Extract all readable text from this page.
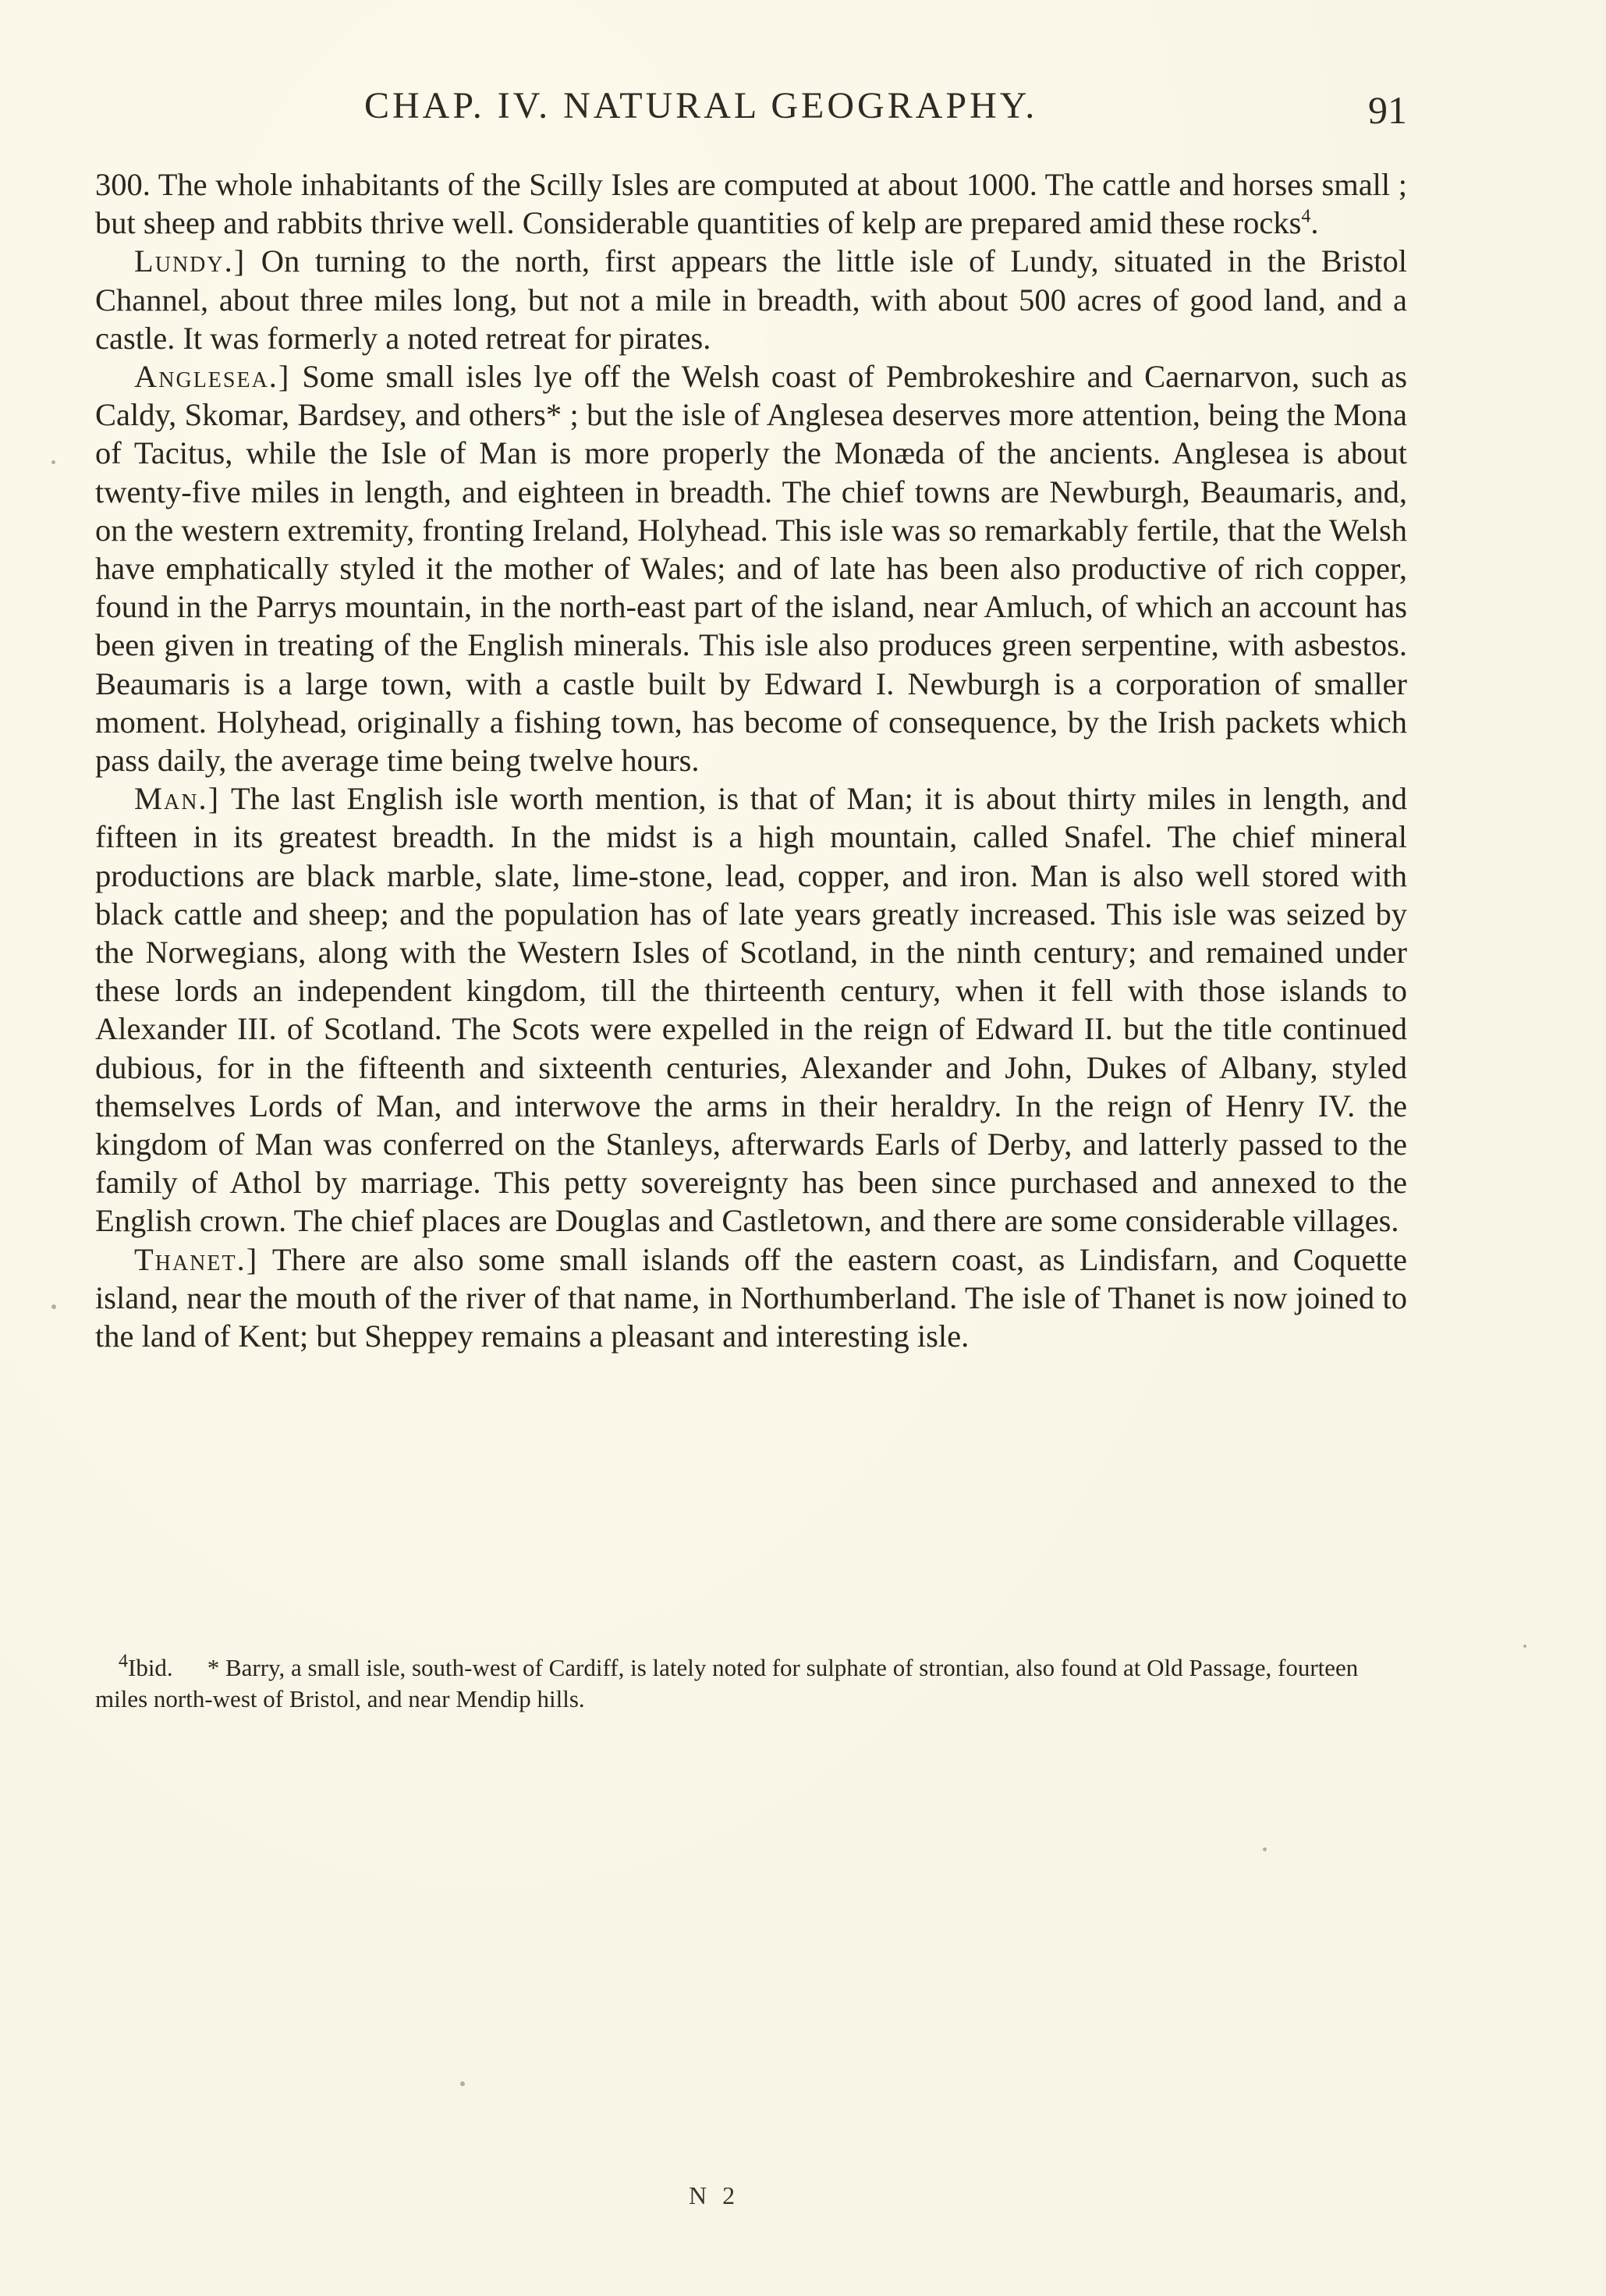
CHAP. IV. NATURAL GEOGRAPHY.	91

300. The whole inhabitants of the Scilly Isles are computed at about 1000. The cattle and horses small ; but sheep and rabbits thrive well. Considerable quantities of kelp are prepared amid these rocks$^4$.

Lundy.] On turning to the north, first appears the little isle of Lundy, situated in the Bristol Channel, about three miles long, but not a mile in breadth, with about 500 acres of good land, and a castle. It was formerly a noted retreat for pirates.

Anglesea.] Some small isles lye off the Welsh coast of Pembrokeshire and Caernarvon, such as Caldy, Skomar, Bardsey, and others* ; but the isle of Anglesea deserves more attention, being the Mona of Tacitus, while the Isle of Man is more properly the Monæda of the ancients. Anglesea is about twenty-five miles in length, and eighteen in breadth. The chief towns are Newburgh, Beaumaris, and, on the western extremity, fronting Ireland, Holyhead. This isle was so remarkably fertile, that the Welsh have emphatically styled it the mother of Wales; and of late has been also productive of rich copper, found in the Parrys mountain, in the north-east part of the island, near Amluch, of which an account has been given in treating of the English minerals. This isle also produces green serpentine, with asbestos. Beaumaris is a large town, with a castle built by Edward I. Newburgh is a corporation of smaller moment. Holyhead, originally a fishing town, has become of consequence, by the Irish packets which pass daily, the average time being twelve hours.

Man.] The last English isle worth mention, is that of Man; it is about thirty miles in length, and fifteen in its greatest breadth. In the midst is a high mountain, called Snafel. The chief mineral productions are black marble, slate, lime-stone, lead, copper, and iron. Man is also well stored with black cattle and sheep; and the population has of late years greatly increased. This isle was seized by the Norwegians, along with the Western Isles of Scotland, in the ninth century; and remained under these lords an independent kingdom, till the thirteenth century, when it fell with those islands to Alexander III. of Scotland. The Scots were expelled in the reign of Edward II. but the title continued dubious, for in the fifteenth and sixteenth centuries, Alexander and John, Dukes of Albany, styled themselves Lords of Man, and interwove the arms in their heraldry. In the reign of Henry IV. the kingdom of Man was conferred on the Stanleys, afterwards Earls of Derby, and latterly passed to the family of Athol by marriage. This petty sovereignty has been since purchased and annexed to the English crown. The chief places are Douglas and Castletown, and there are some considerable villages.

Thanet.] There are also some small islands off the eastern coast, as Lindisfarn, and Coquette island, near the mouth of the river of that name, in Northumberland. The isle of Thanet is now joined to the land of Kent; but Sheppey remains a pleasant and interesting isle.

$^4$Ibid. * Barry, a small isle, south-west of Cardiff, is lately noted for sulphate of strontian, also found at Old Passage, fourteen miles north-west of Bristol, and near Mendip hills.

N 2
